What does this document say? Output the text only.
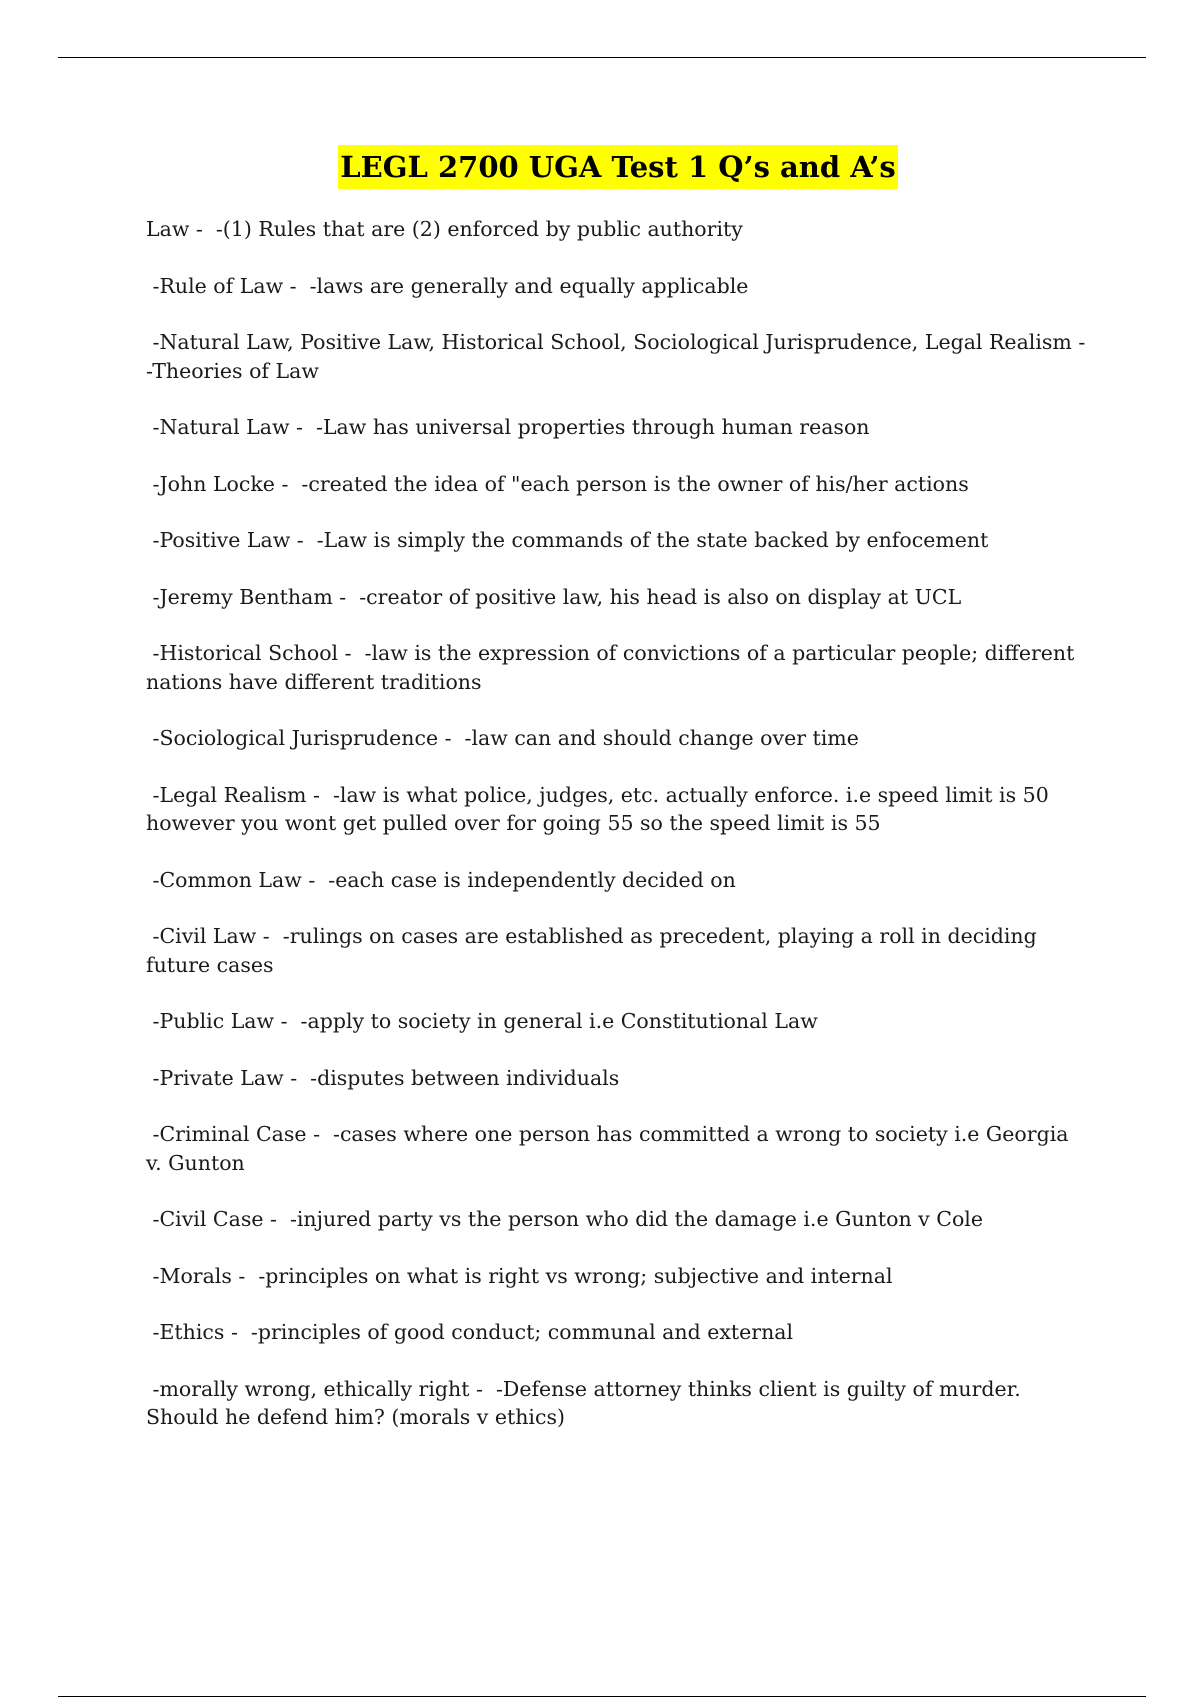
LEGL 2700 UGA Test 1 Q’s and A’s
Law -  -(1) Rules that are (2) enforced by public authority
-Rule of Law -  -laws are generally and equally applicable
-Natural Law, Positive Law, Historical School, Sociological Jurisprudence, Legal Realism -  -Theories of Law
-Natural Law -  -Law has universal properties through human reason
-John Locke -  -created the idea of "each person is the owner of his/her actions
-Positive Law -  -Law is simply the commands of the state backed by enfocement
-Jeremy Bentham -  -creator of positive law, his head is also on display at UCL
-Historical School -  -law is the expression of convictions of a particular people; different nations have different traditions
-Sociological Jurisprudence -  -law can and should change over time
-Legal Realism -  -law is what police, judges, etc. actually enforce. i.e speed limit is 50 however you wont get pulled over for going 55 so the speed limit is 55
-Common Law -  -each case is independently decided on
-Civil Law -  -rulings on cases are established as precedent, playing a roll in deciding future cases
-Public Law -  -apply to society in general i.e Constitutional Law
-Private Law -  -disputes between individuals
-Criminal Case -  -cases where one person has committed a wrong to society i.e Georgia v. Gunton
-Civil Case -  -injured party vs the person who did the damage i.e Gunton v Cole
-Morals -  -principles on what is right vs wrong; subjective and internal
-Ethics -  -principles of good conduct; communal and external
-morally wrong, ethically right -  -Defense attorney thinks client is guilty of murder. Should he defend him? (morals v ethics)
